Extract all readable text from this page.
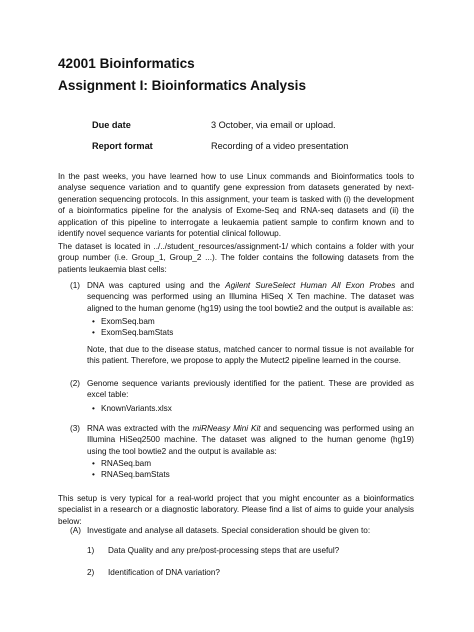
42001 Bioinformatics
Assignment I: Bioinformatics Analysis
Due date	3 October, via email or upload.
Report format	Recording of a video presentation

In the past weeks, you have learned how to use Linux commands and Bioinformatics tools to analyse sequence variation and to quantify gene expression from datasets generated by next-generation sequencing protocols. In this assignment, your team is tasked with (i) the development of a bioinformatics pipeline for the analysis of Exome-Seq and RNA-seq datasets and (ii) the application of this pipeline to interrogate a leukaemia patient sample to confirm known and to identify novel sequence variants for potential clinical followup.

The dataset is located in ../../student_resources/assignment-1/ which contains a folder with your group number (i.e. Group_1, Group_2 ...). The folder contains the following datasets from the patients leukaemia blast cells:

(1) DNA was captured using and the Agilent SureSelect Human All Exon Probes and sequencing was performed using an Illumina HiSeq X Ten machine. The dataset was aligned to the human genome (hg19) using the tool bowtie2 and the output is available as:

• ExomSeq.bam
• ExomSeq.bamStats

Note, that due to the disease status, matched cancer to normal tissue is not available for this patient. Therefore, we propose to apply the Mutect2 pipeline learned in the course.

(2) Genome sequence variants previously identified for the patient. These are provided as excel table:

• KnownVariants.xlsx
(3) RNA was extracted with the miRNeasy Mini Kit and sequencing was performed using an Illumina HiSeq2500 machine. The dataset was aligned to the human genome (hg19) using the tool bowtie2 and the output is available as:

• RNASeq.bam
• RNASeq.bamStats

This setup is very typical for a real-world project that you might encounter as a bioinformatics specialist in a research or a diagnostic laboratory. Please find a list of aims to guide your analysis below:

(A) Investigate and analyse all datasets. Special consideration should be given to:
1) Data Quality and any pre/post-processing steps that are useful?
2) Identification of DNA variation?
